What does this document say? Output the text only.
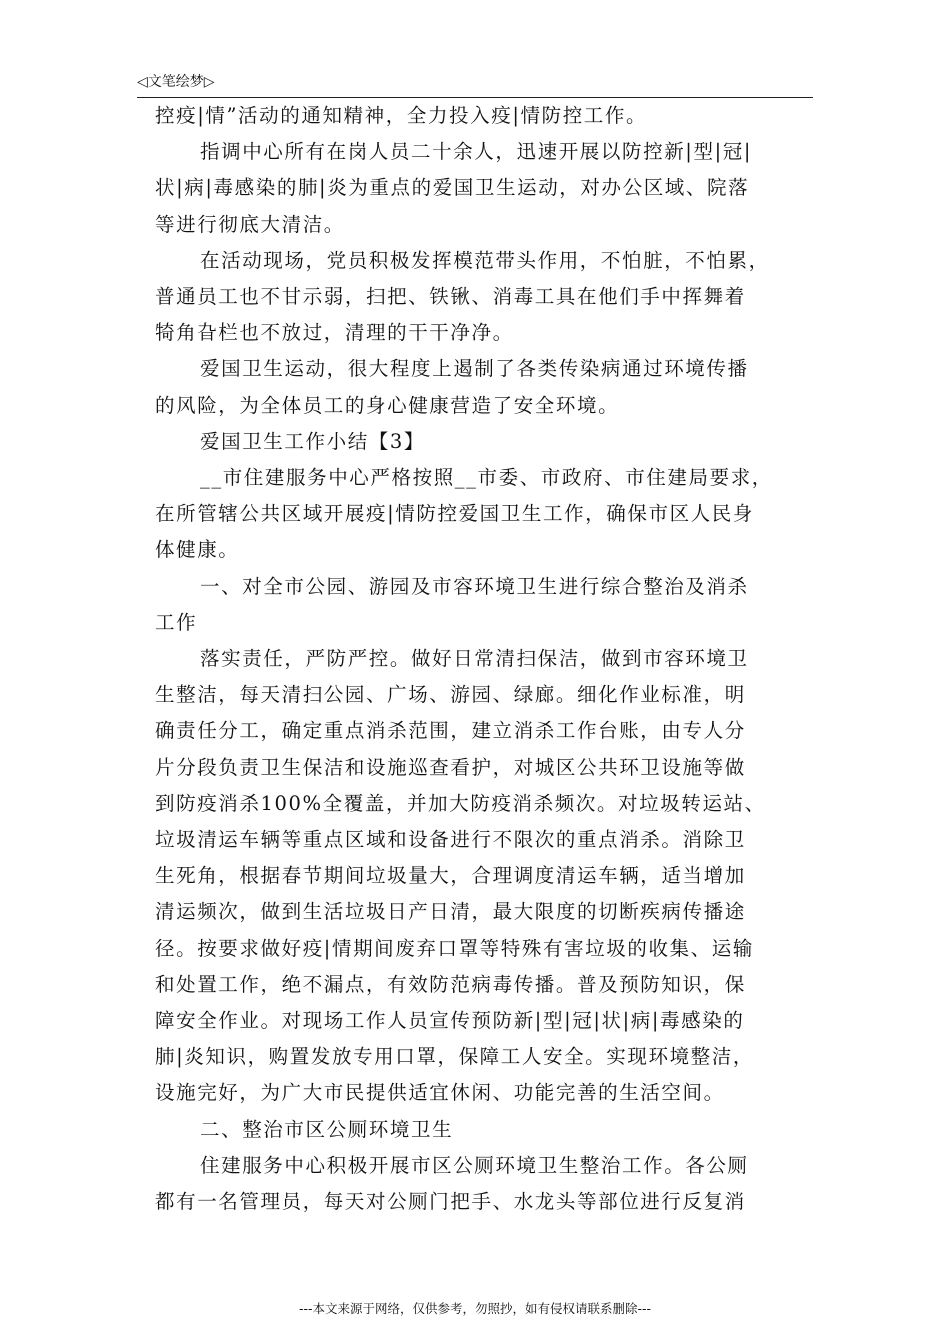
◁文笔绘梦▷

控疫|情”活动的通知精神，全力投入疫|情防控工作。

指调中心所有在岗人员二十余人，迅速开展以防控新|型|冠|

状|病|毒感染的肺|炎为重点的爱国卫生运动，对办公区域、院落

等进行彻底大清洁。

在活动现场，党员积极发挥模范带头作用，不怕脏，不怕累，

普通员工也不甘示弱，扫把、铁锹、消毒工具在他们手中挥舞着

犄角旮栏也不放过，清理的干干净净。

爱国卫生运动，很大程度上遏制了各类传染病通过环境传播

的风险，为全体员工的身心健康营造了安全环境。

爱国卫生工作小结【3】

__市住建服务中心严格按照__市委、市政府、市住建局要求，

在所管辖公共区域开展疫|情防控爱国卫生工作，确保市区人民身

体健康。

一、对全市公园、游园及市容环境卫生进行综合整治及消杀

工作

落实责任，严防严控。做好日常清扫保洁，做到市容环境卫

生整洁，每天清扫公园、广场、游园、绿廊。细化作业标准，明

确责任分工，确定重点消杀范围，建立消杀工作台账，由专人分

片分段负责卫生保洁和设施巡查看护，对城区公共环卫设施等做

到防疫消杀100%全覆盖，并加大防疫消杀频次。对垃圾转运站、

垃圾清运车辆等重点区域和设备进行不限次的重点消杀。消除卫

生死角，根据春节期间垃圾量大，合理调度清运车辆，适当增加

清运频次，做到生活垃圾日产日清，最大限度的切断疾病传播途

径。按要求做好疫|情期间废弃口罩等特殊有害垃圾的收集、运输

和处置工作，绝不漏点，有效防范病毒传播。普及预防知识，保

障安全作业。对现场工作人员宣传预防新|型|冠|状|病|毒感染的

肺|炎知识，购置发放专用口罩，保障工人安全。实现环境整洁，

设施完好，为广大市民提供适宜休闲、功能完善的生活空间。

二、整治市区公厕环境卫生

住建服务中心积极开展市区公厕环境卫生整治工作。各公厕

都有一名管理员，每天对公厕门把手、水龙头等部位进行反复消

---本文来源于网络，仅供参考，勿照抄，如有侵权请联系删除---
